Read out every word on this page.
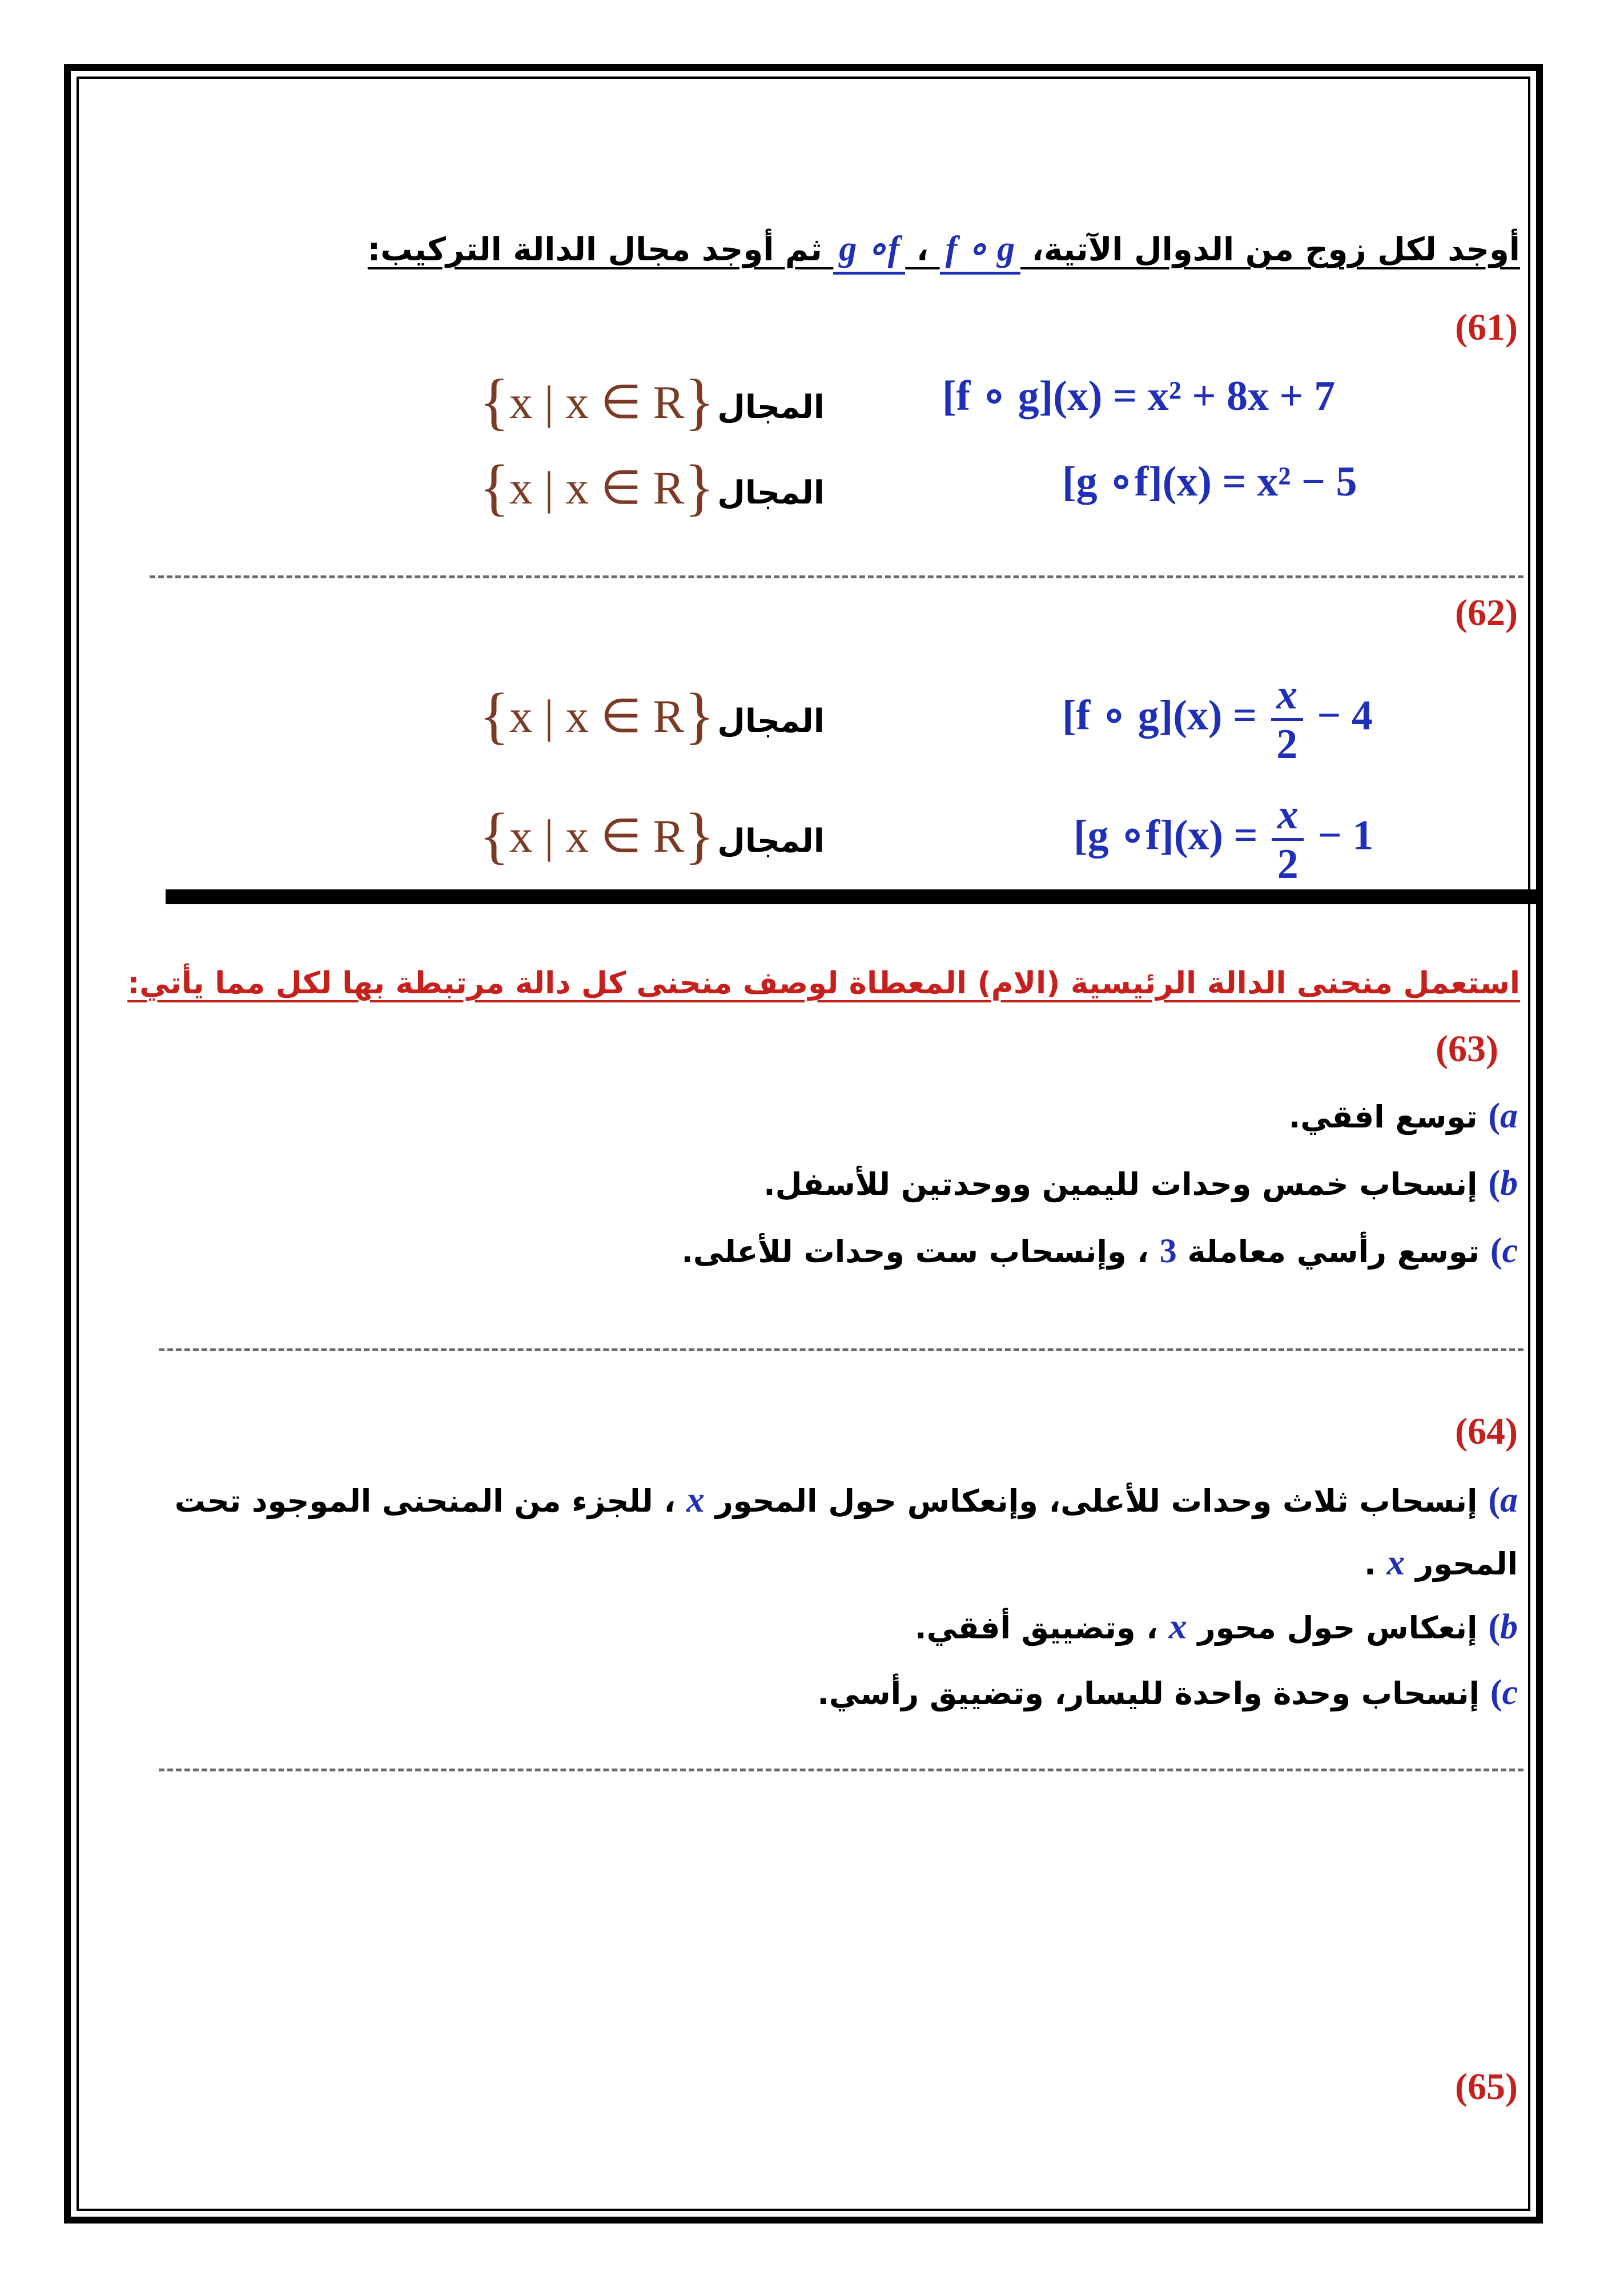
أوجد لكل زوج من الدوال الآتية، f ∘ g ، g ∘f ثم أوجد مجال الدالة التركيب:
(61)
[f ∘ g](x) = x² + 8x + 7
المجال {x | x ∈ R}
[g ∘f](x) = x² − 5
المجال {x | x ∈ R}
(62)
[f ∘ g](x) = x
2
− 4
المجال {x | x ∈ R}
[g ∘f](x) = x
2
− 1
المجال {x | x ∈ R}
استعمل منحنى الدالة الرئيسية (الام) المعطاة لوصف منحنى كل دالة مرتبطة بها لكل مما يأتي:
(63)
a) توسع افقي.
b) إنسحاب خمس وحدات لليمين ووحدتين للأسفل.
c) توسع رأسي معاملة 3 ، وإنسحاب ست وحدات للأعلى.
(64)
a) إنسحاب ثلاث وحدات للأعلى، وإنعكاس حول المحور x ، للجزء من المنحنى الموجود تحت
المحور x .
b) إنعكاس حول محور x ، وتضييق أفقي.
c) إنسحاب وحدة واحدة لليسار، وتضييق رأسي.
(65)
